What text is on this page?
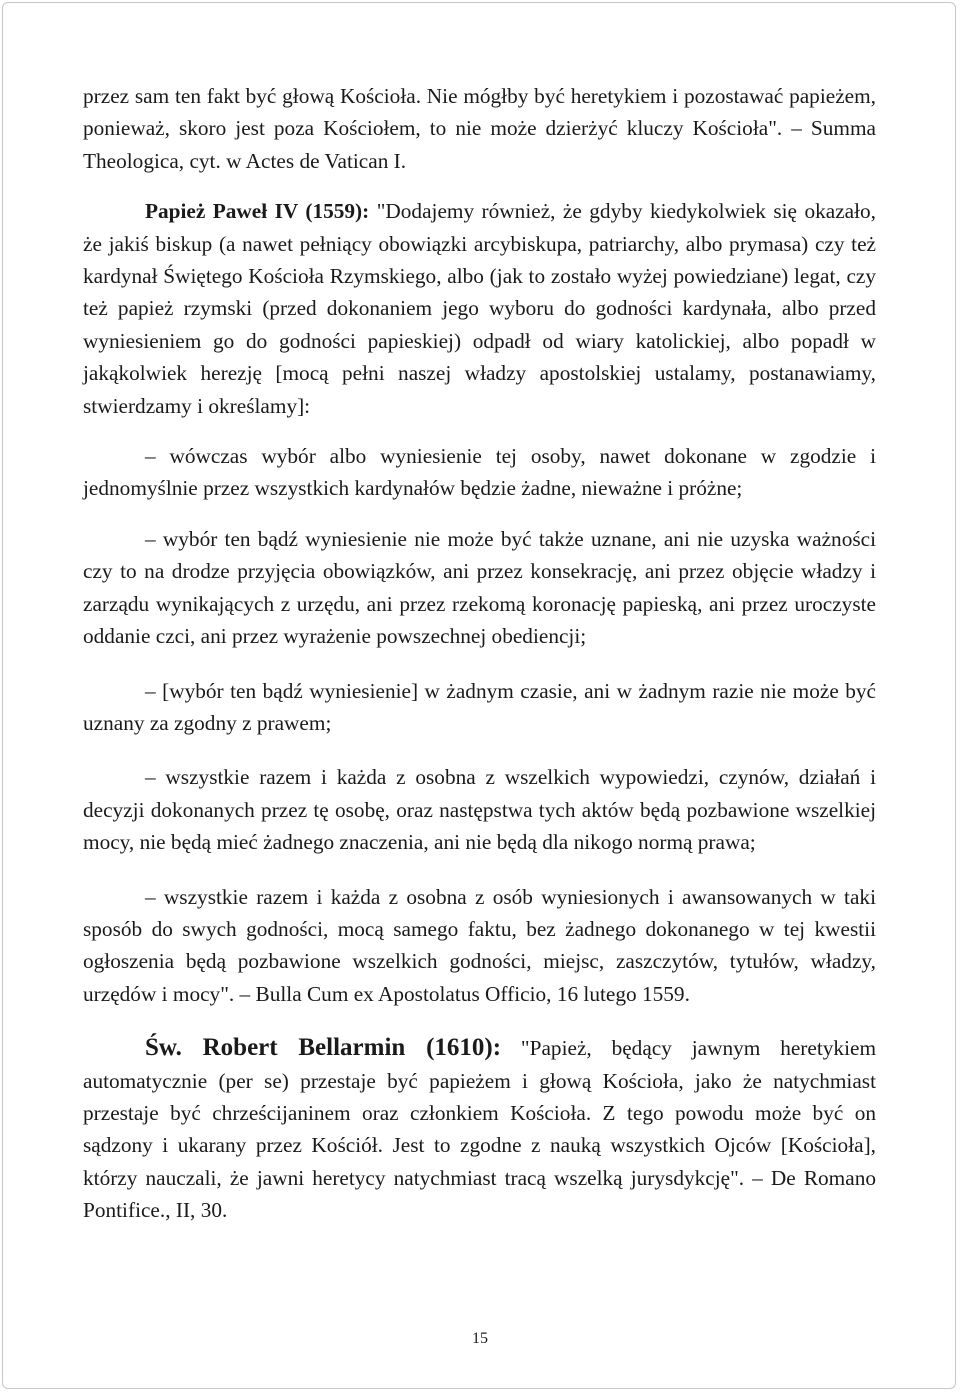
przez sam ten fakt być głową Kościoła. Nie mógłby być heretykiem i pozostawać papieżem, ponieważ, skoro jest poza Kościołem, to nie może dzierżyć kluczy Kościoła". – Summa Theologica, cyt. w Actes de Vatican I.

Papież Paweł IV (1559): "Dodajemy również, że gdyby kiedykolwiek się okazało, że jakiś biskup (a nawet pełniący obowiązki arcybiskupa, patriarchy, albo prymasa) czy też kardynał Świętego Kościoła Rzymskiego, albo (jak to zostało wyżej powiedziane) legat, czy też papież rzymski (przed dokonaniem jego wyboru do godności kardynała, albo przed wyniesieniem go do godności papieskiej) odpadł od wiary katolickiej, albo popadł w jakąkolwiek herezję [mocą pełni naszej władzy apostolskiej ustalamy, postanawiamy, stwierdzamy i określamy]:

– wówczas wybór albo wyniesienie tej osoby, nawet dokonane w zgodzie i jednomyślnie przez wszystkich kardynałów będzie żadne, nieważne i próżne;

– wybór ten bądź wyniesienie nie może być także uznane, ani nie uzyska ważności czy to na drodze przyjęcia obowiązków, ani przez konsekrację, ani przez objęcie władzy i zarządu wynikających z urzędu, ani przez rzekomą koronację papieską, ani przez uroczyste oddanie czci, ani przez wyrażenie powszechnej obediencji;

– [wybór ten bądź wyniesienie] w żadnym czasie, ani w żadnym razie nie może być uznany za zgodny z prawem;

– wszystkie razem i każda z osobna z wszelkich wypowiedzi, czynów, działań i decyzji dokonanych przez tę osobę, oraz następstwa tych aktów będą pozbawione wszelkiej mocy, nie będą mieć żadnego znaczenia, ani nie będą dla nikogo normą prawa;

– wszystkie razem i każda z osobna z osób wyniesionych i awansowanych w taki sposób do swych godności, mocą samego faktu, bez żadnego dokonanego w tej kwestii ogłoszenia będą pozbawione wszelkich godności, miejsc, zaszczytów, tytułów, władzy, urzędów i mocy". – Bulla Cum ex Apostolatus Officio, 16 lutego 1559.

Św. Robert Bellarmin (1610): "Papież, będący jawnym heretykiem automatycznie (per se) przestaje być papieżem i głową Kościoła, jako że natychmiast przestaje być chrześcijaninem oraz członkiem Kościoła. Z tego powodu może być on sądzony i ukarany przez Kościół. Jest to zgodne z nauką wszystkich Ojców [Kościoła], którzy nauczali, że jawni heretycy natychmiast tracą wszelką jurysdykcję". – De Romano Pontifice., II, 30.

15
